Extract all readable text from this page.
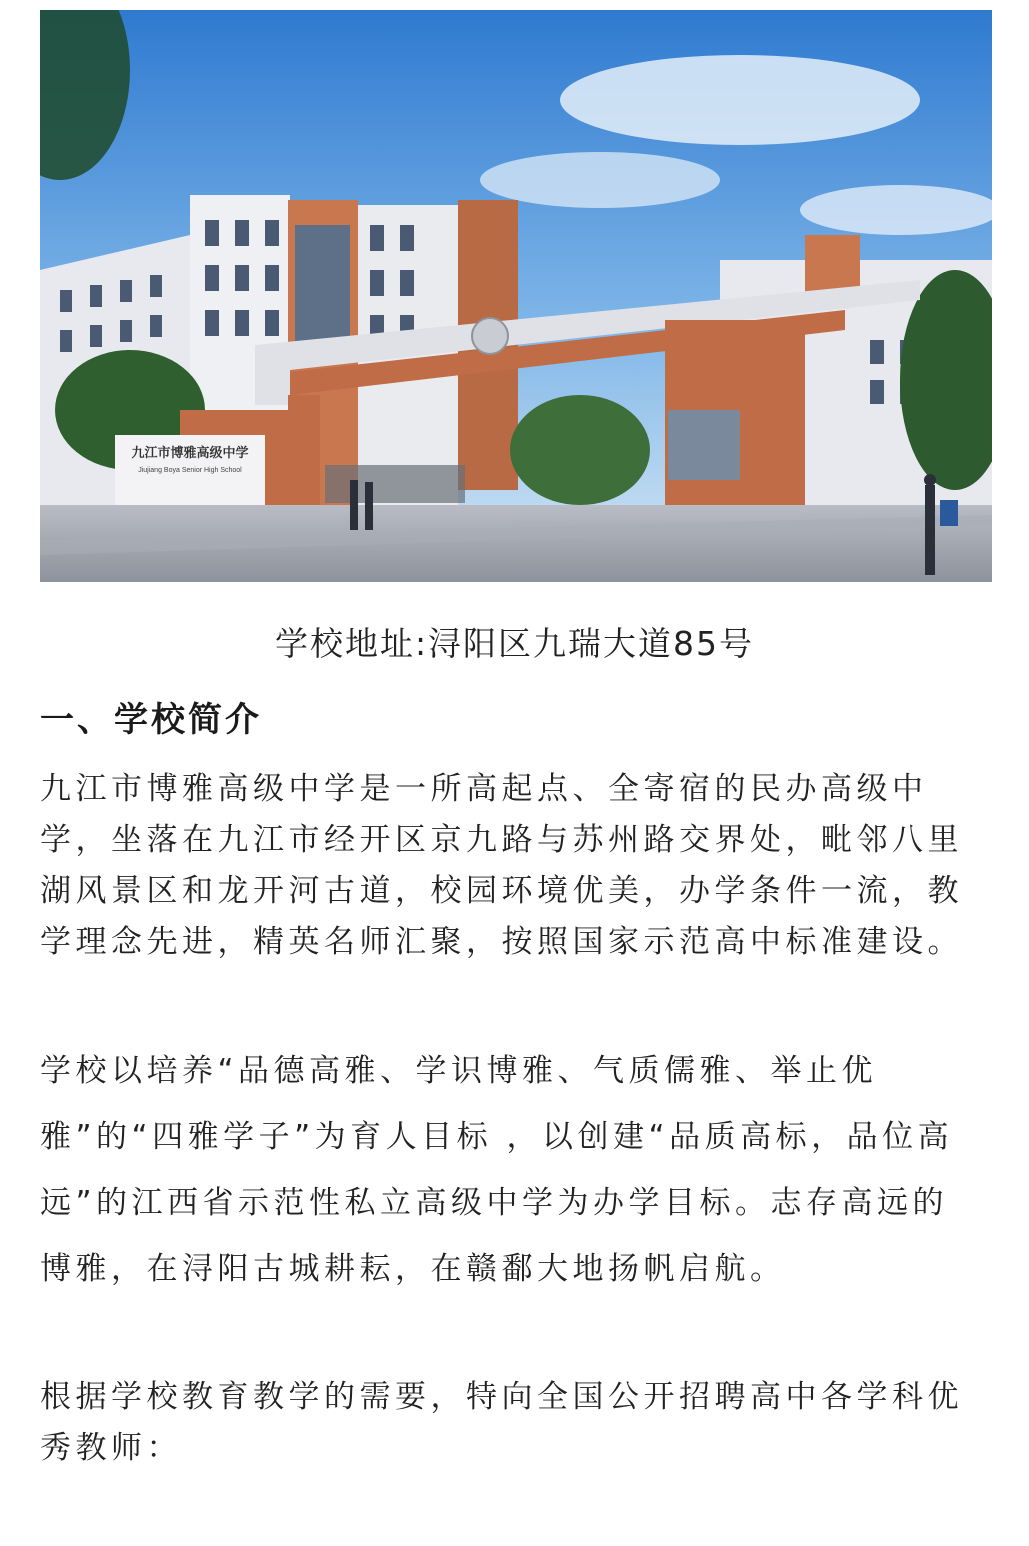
九江市博雅高级中学
Jiujiang Boya Senior High School
学校地址:浔阳区九瑞大道85号
一、学校简介

九江市博雅高级中学是一所高起点、全寄宿的民办高级中学，坐落在九江市经开区京九路与苏州路交界处，毗邻八里湖风景区和龙开河古道，校园环境优美，办学条件一流，教学理念先进，精英名师汇聚，按照国家示范高中标准建设。

学校以培养“品德高雅、学识博雅、气质儒雅、举止优雅”的“四雅学子”为育人目标 ，以创建“品质高标，品位高远”的江西省示范性私立高级中学为办学目标。志存高远的博雅，在浔阳古城耕耘，在赣鄱大地扬帆启航。

根据学校教育教学的需要，特向全国公开招聘高中各学科优秀教师：
